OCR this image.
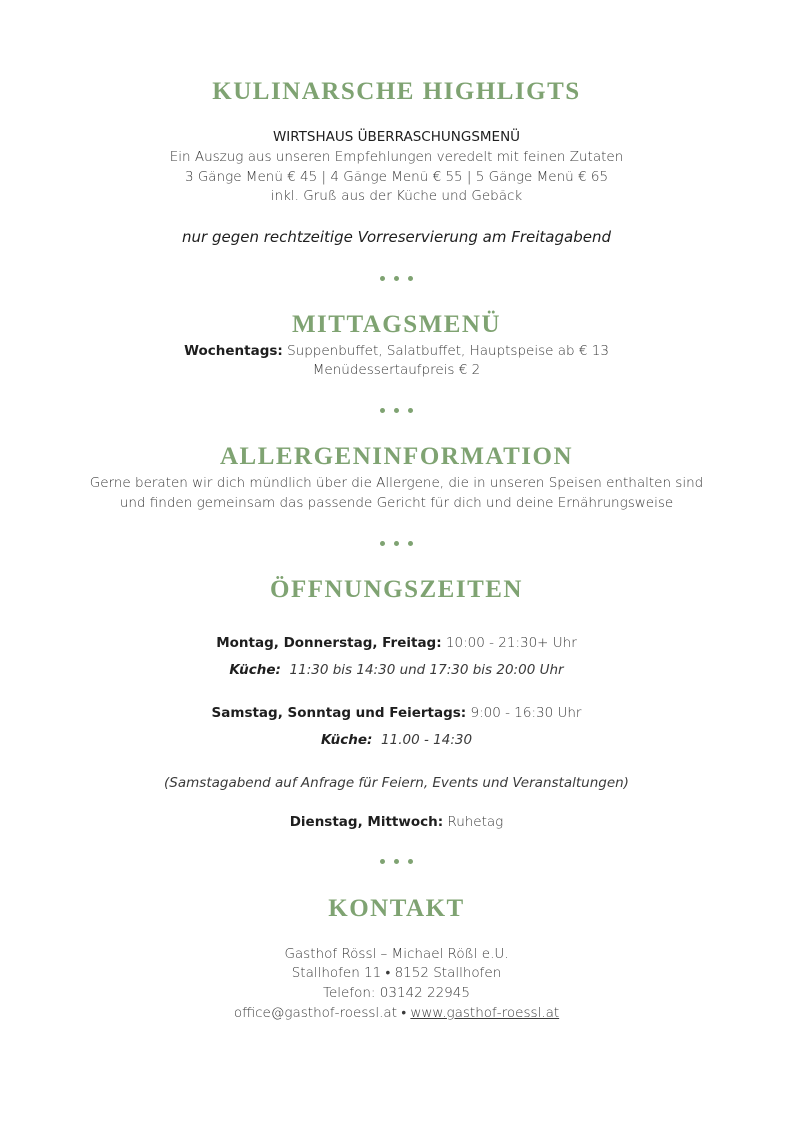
KULINARSCHE HIGHLIGTS
WIRTSHAUS ÜBERRASCHUNGSMENÜ
Ein Auszug aus unseren Empfehlungen veredelt mit feinen Zutaten
3 Gänge Menü € 45 | 4 Gänge Menü € 55 | 5 Gänge Menü € 65
inkl. Gruß aus der Küche und Gebäck
nur gegen rechtzeitige Vorreservierung am Freitagabend
MITTAGSMENÜ
Wochentags: Suppenbuffet, Salatbuffet, Hauptspeise ab € 13
Menüdessertaufpreis € 2
ALLERGENINFORMATION
Gerne beraten wir dich mündlich über die Allergene, die in unseren Speisen enthalten sind
und finden gemeinsam das passende Gericht für dich und deine Ernährungsweise
ÖFFNUNGSZEITEN
Montag, Donnerstag, Freitag: 10:00 - 21:30+ Uhr
Küche: 11:30 bis 14:30 und 17:30 bis 20:00 Uhr
Samstag, Sonntag und Feiertags: 9:00 - 16:30 Uhr
Küche: 11.00 - 14:30
(Samstagabend auf Anfrage für Feiern, Events und Veranstaltungen)
Dienstag, Mittwoch: Ruhetag
KONTAKT
Gasthof Rössl – Michael Rößl e.U.
Stallhofen 11 • 8152 Stallhofen
Telefon: 03142 22945
office@gasthof-roessl.at • www.gasthof-roessl.at
